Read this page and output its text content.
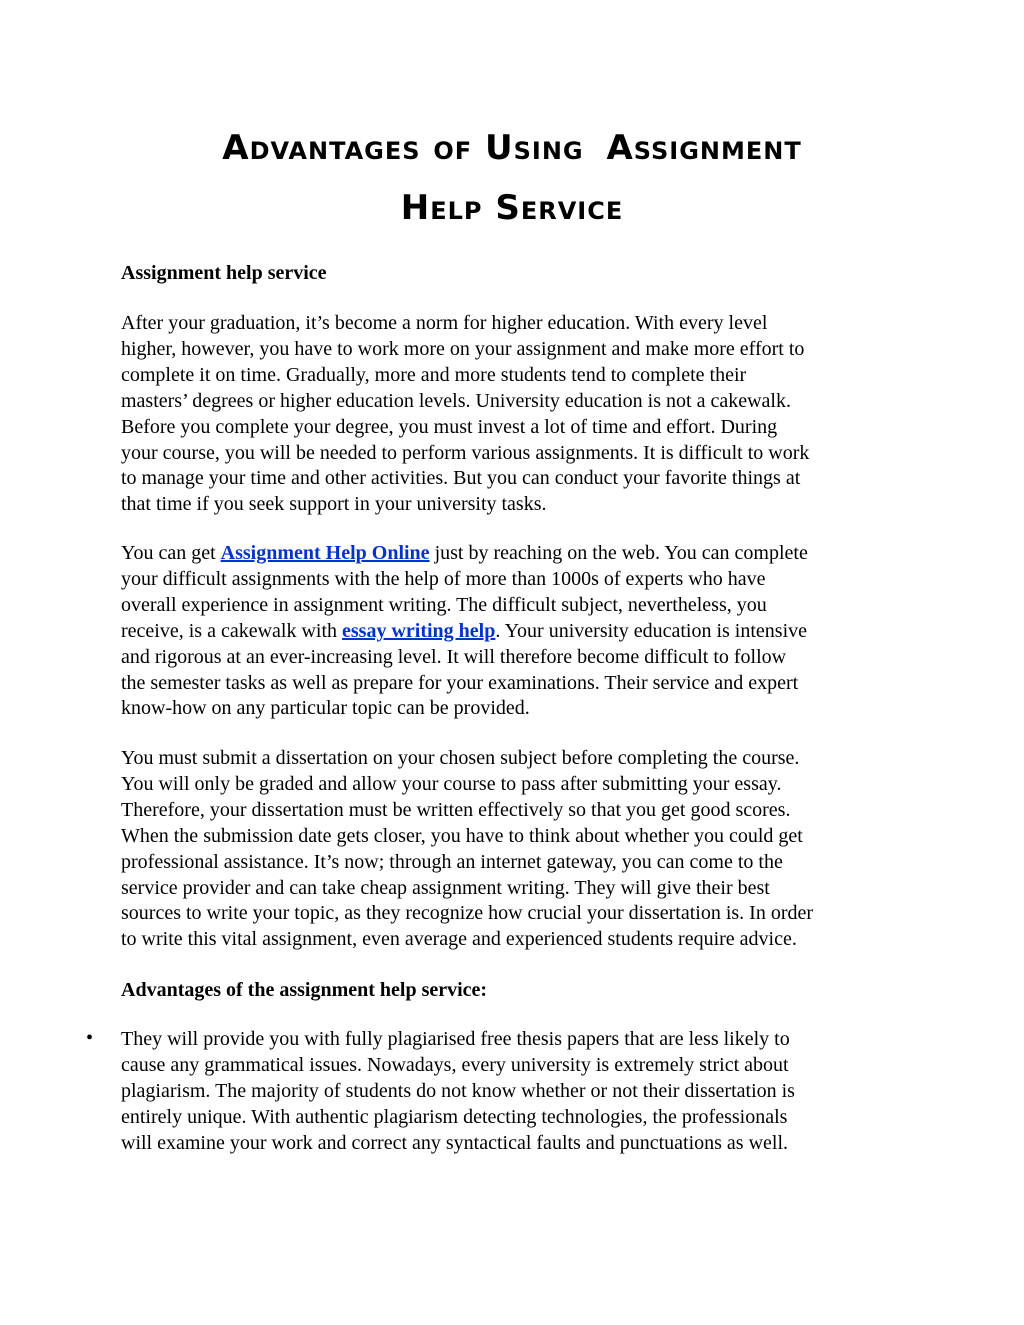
Advantages of Using Assignment
Help Service
Assignment help service
After your graduation, it’s become a norm for higher education. With every level
higher, however, you have to work more on your assignment and make more effort to
complete it on time. Gradually, more and more students tend to complete their
masters’ degrees or higher education levels. University education is not a cakewalk.
Before you complete your degree, you must invest a lot of time and effort. During
your course, you will be needed to perform various assignments. It is difficult to work
to manage your time and other activities. But you can conduct your favorite things at
that time if you seek support in your university tasks.
You can get Assignment Help Online just by reaching on the web. You can complete
your difficult assignments with the help of more than 1000s of experts who have
overall experience in assignment writing. The difficult subject, nevertheless, you
receive, is a cakewalk with essay writing help. Your university education is intensive
and rigorous at an ever-increasing level. It will therefore become difficult to follow
the semester tasks as well as prepare for your examinations. Their service and expert
know-how on any particular topic can be provided.
You must submit a dissertation on your chosen subject before completing the course.
You will only be graded and allow your course to pass after submitting your essay.
Therefore, your dissertation must be written effectively so that you get good scores.
When the submission date gets closer, you have to think about whether you could get
professional assistance. It’s now; through an internet gateway, you can come to the
service provider and can take cheap assignment writing. They will give their best
sources to write your topic, as they recognize how crucial your dissertation is. In order
to write this vital assignment, even average and experienced students require advice.
Advantages of the assignment help service:
• They will provide you with fully plagiarised free thesis papers that are less likely to
cause any grammatical issues. Nowadays, every university is extremely strict about
plagiarism. The majority of students do not know whether or not their dissertation is
entirely unique. With authentic plagiarism detecting technologies, the professionals
will examine your work and correct any syntactical faults and punctuations as well.
